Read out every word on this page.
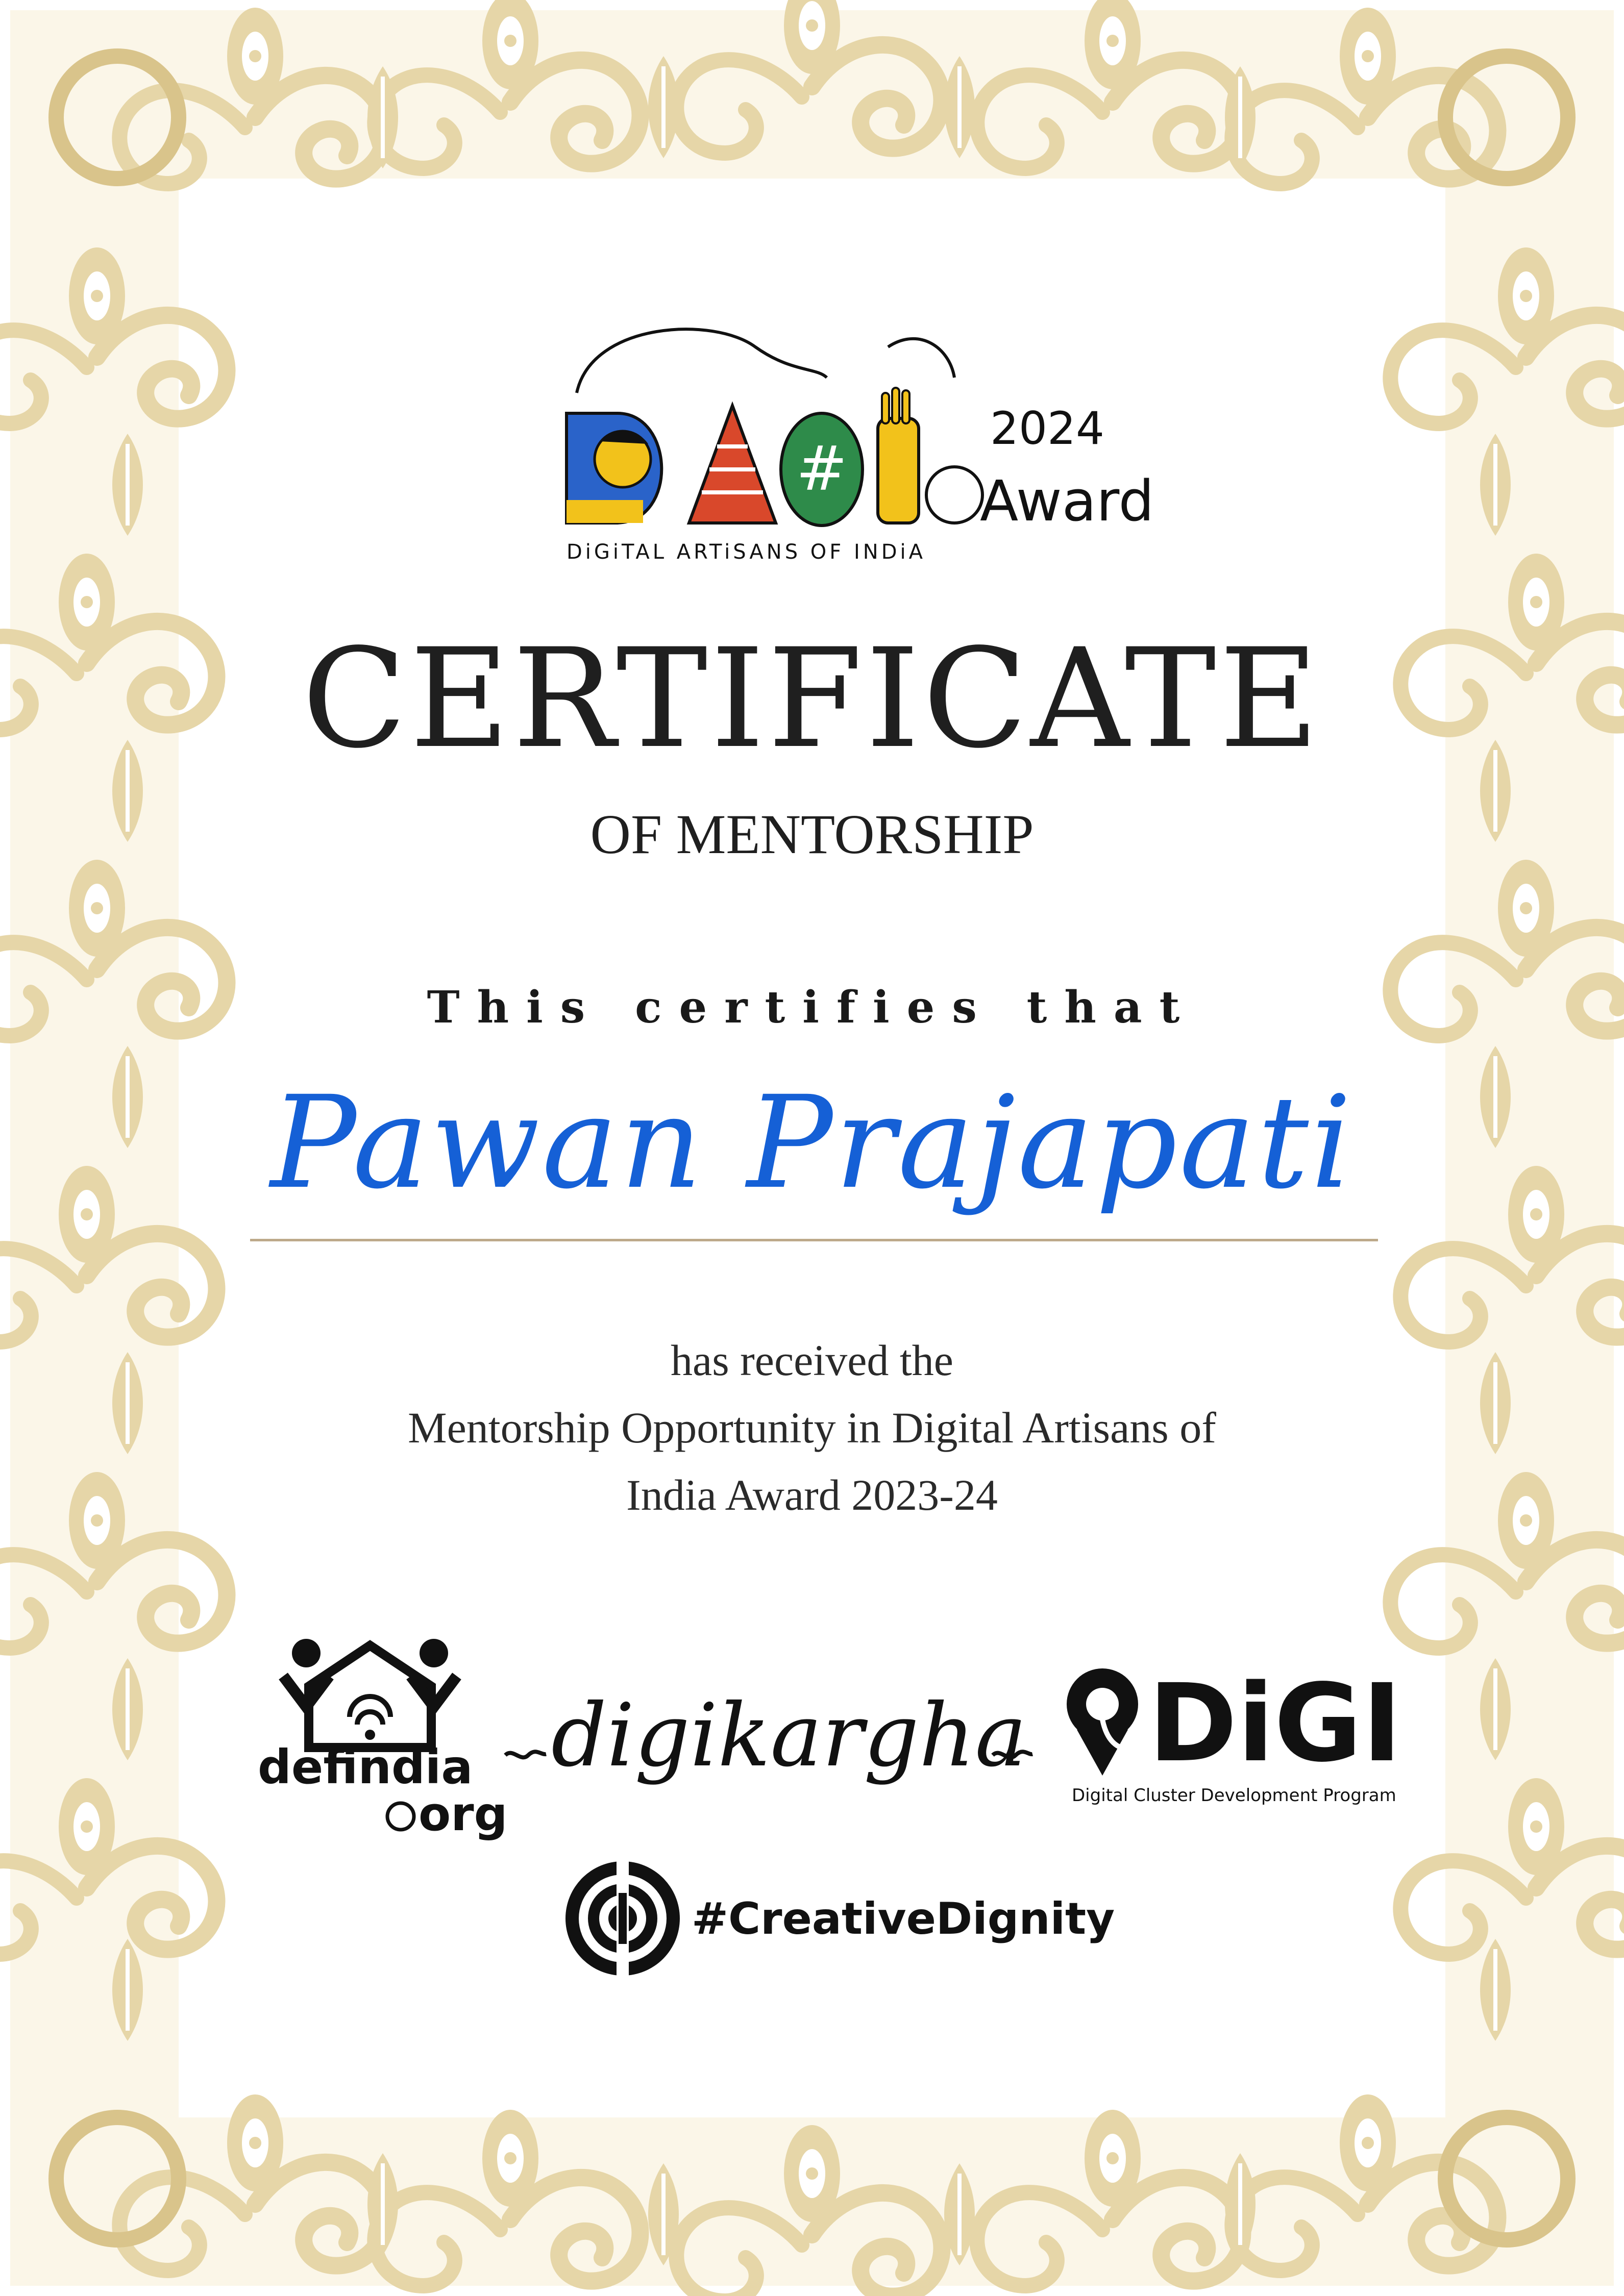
#
2024
Award
DiGiTAL ARTiSANS OF INDiA
CERTIFICATE
OF MENTORSHIP
This certifies that
Pawan Prajapati
has received the
Mentorship Opportunity in Digital Artisans of
India Award 2023-24
defindia
org
digikargha DiGI
Digital Cluster Development Program
#CreativeDignity
